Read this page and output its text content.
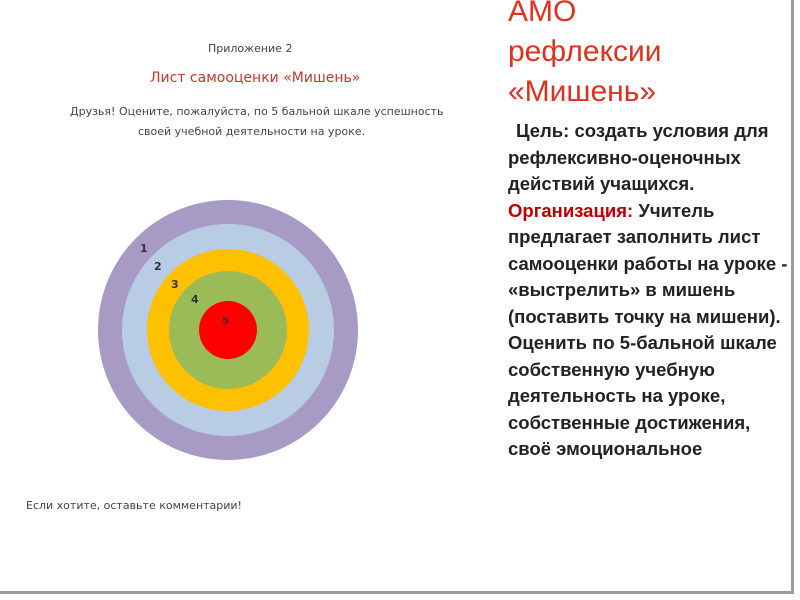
Приложение 2
Лист самооценки «Мишень»
Друзья! Оцените, пожалуйста, по 5 бальной шкале успешность
своей учебной деятельности на уроке.
1
2
3
4
5
Если хотите, оставьте комментарии!
АМО
рефлексии
«Мишень»
Цель: создать условия для рефлексивно-оценочных действий учащихся. Организация: Учитель предлагает заполнить лист самооценки работы на уроке - «выстрелить» в мишень (поставить точку на мишени). Оценить по 5-бальной шкале собственную учебную деятельность на уроке, собственные достижения, своё эмоциональное
